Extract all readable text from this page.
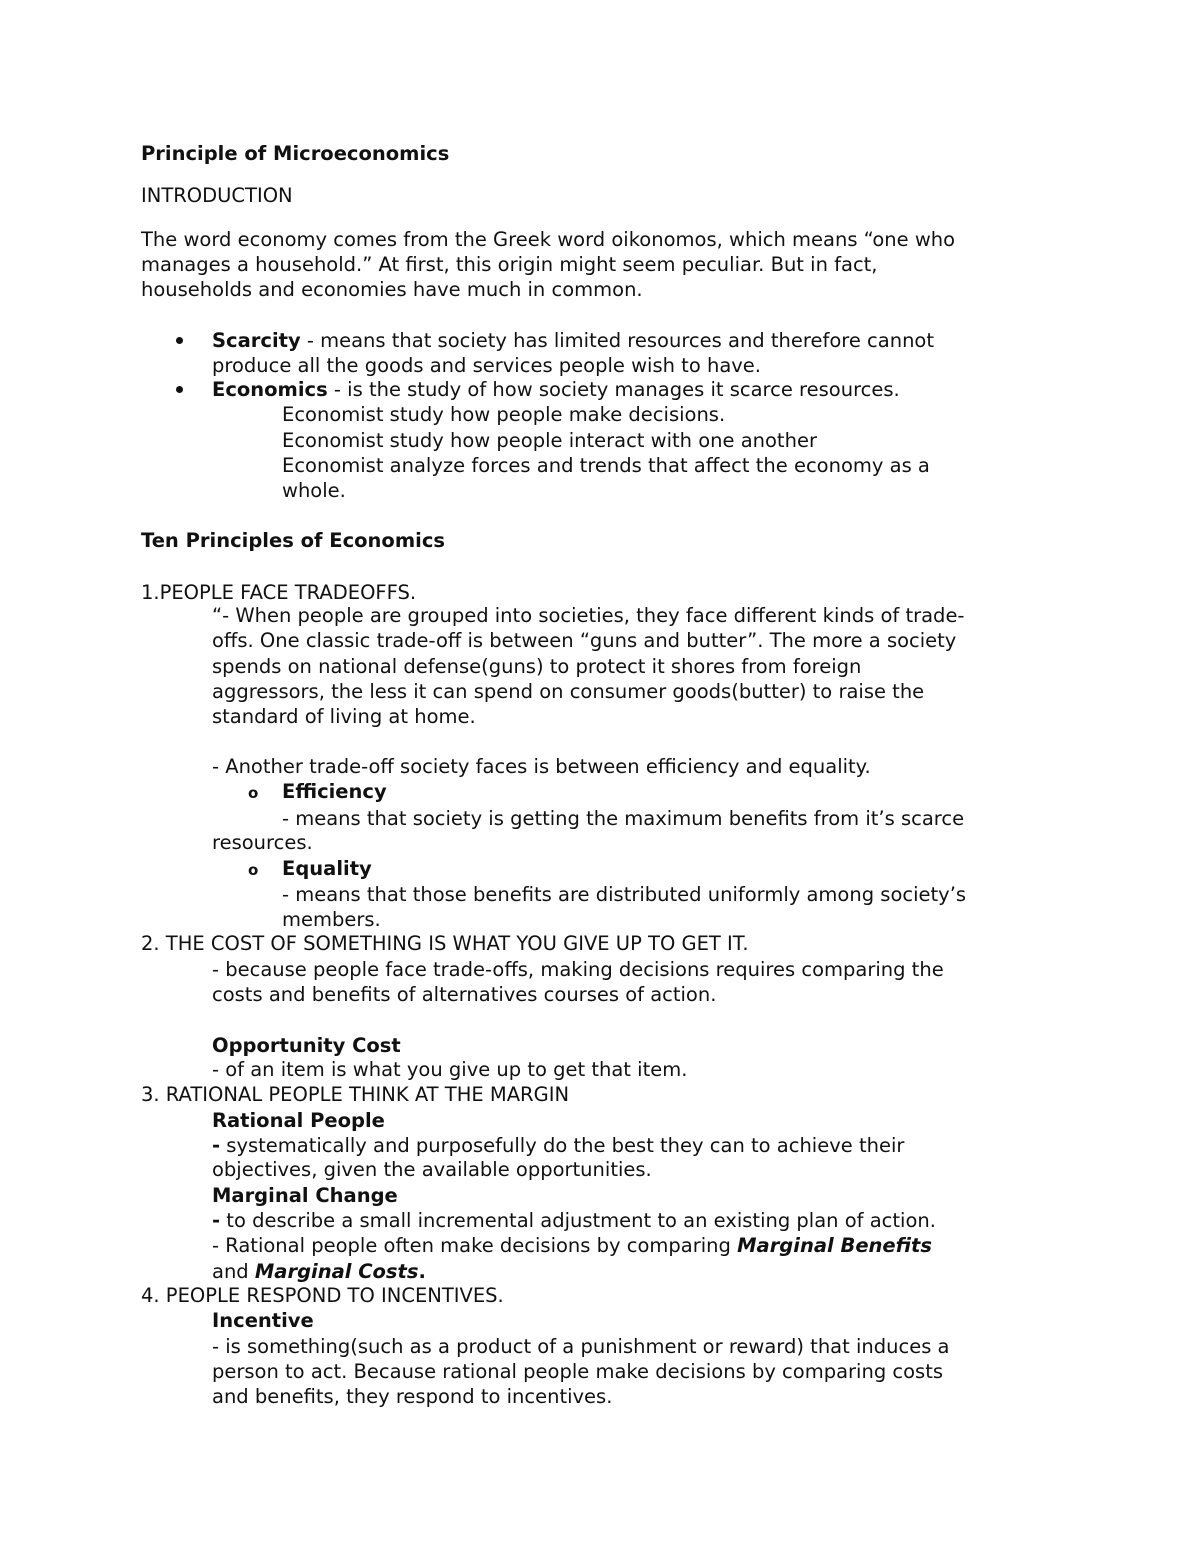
Principle of Microeconomics
INTRODUCTION
The word economy comes from the Greek word oikonomos, which means “one who
manages a household.” At first, this origin might seem peculiar. But in fact,
households and economies have much in common.
Scarcity - means that society has limited resources and therefore cannot
produce all the goods and services people wish to have.
Economics - is the study of how society manages it scarce resources.
Economist study how people make decisions.
Economist study how people interact with one another
Economist analyze forces and trends that affect the economy as a
whole.
Ten Principles of Economics
1.PEOPLE FACE TRADEOFFS.
“- When people are grouped into societies, they face different kinds of trade-
offs. One classic trade-off is between “guns and butter”. The more a society
spends on national defense(guns) to protect it shores from foreign
aggressors, the less it can spend on consumer goods(butter) to raise the
standard of living at home.
- Another trade-off society faces is between efficiency and equality.
o Efficiency
- means that society is getting the maximum benefits from it’s scarce
resources.
o Equality
- means that those benefits are distributed uniformly among society’s
members.
2. THE COST OF SOMETHING IS WHAT YOU GIVE UP TO GET IT.
- because people face trade-offs, making decisions requires comparing the
costs and benefits of alternatives courses of action.
Opportunity Cost
- of an item is what you give up to get that item.
3. RATIONAL PEOPLE THINK AT THE MARGIN
Rational People
- systematically and purposefully do the best they can to achieve their
objectives, given the available opportunities.
Marginal Change
- to describe a small incremental adjustment to an existing plan of action.
- Rational people often make decisions by comparing Marginal Benefits
and Marginal Costs.
4. PEOPLE RESPOND TO INCENTIVES.
Incentive
- is something(such as a product of a punishment or reward) that induces a
person to act. Because rational people make decisions by comparing costs
and benefits, they respond to incentives.
